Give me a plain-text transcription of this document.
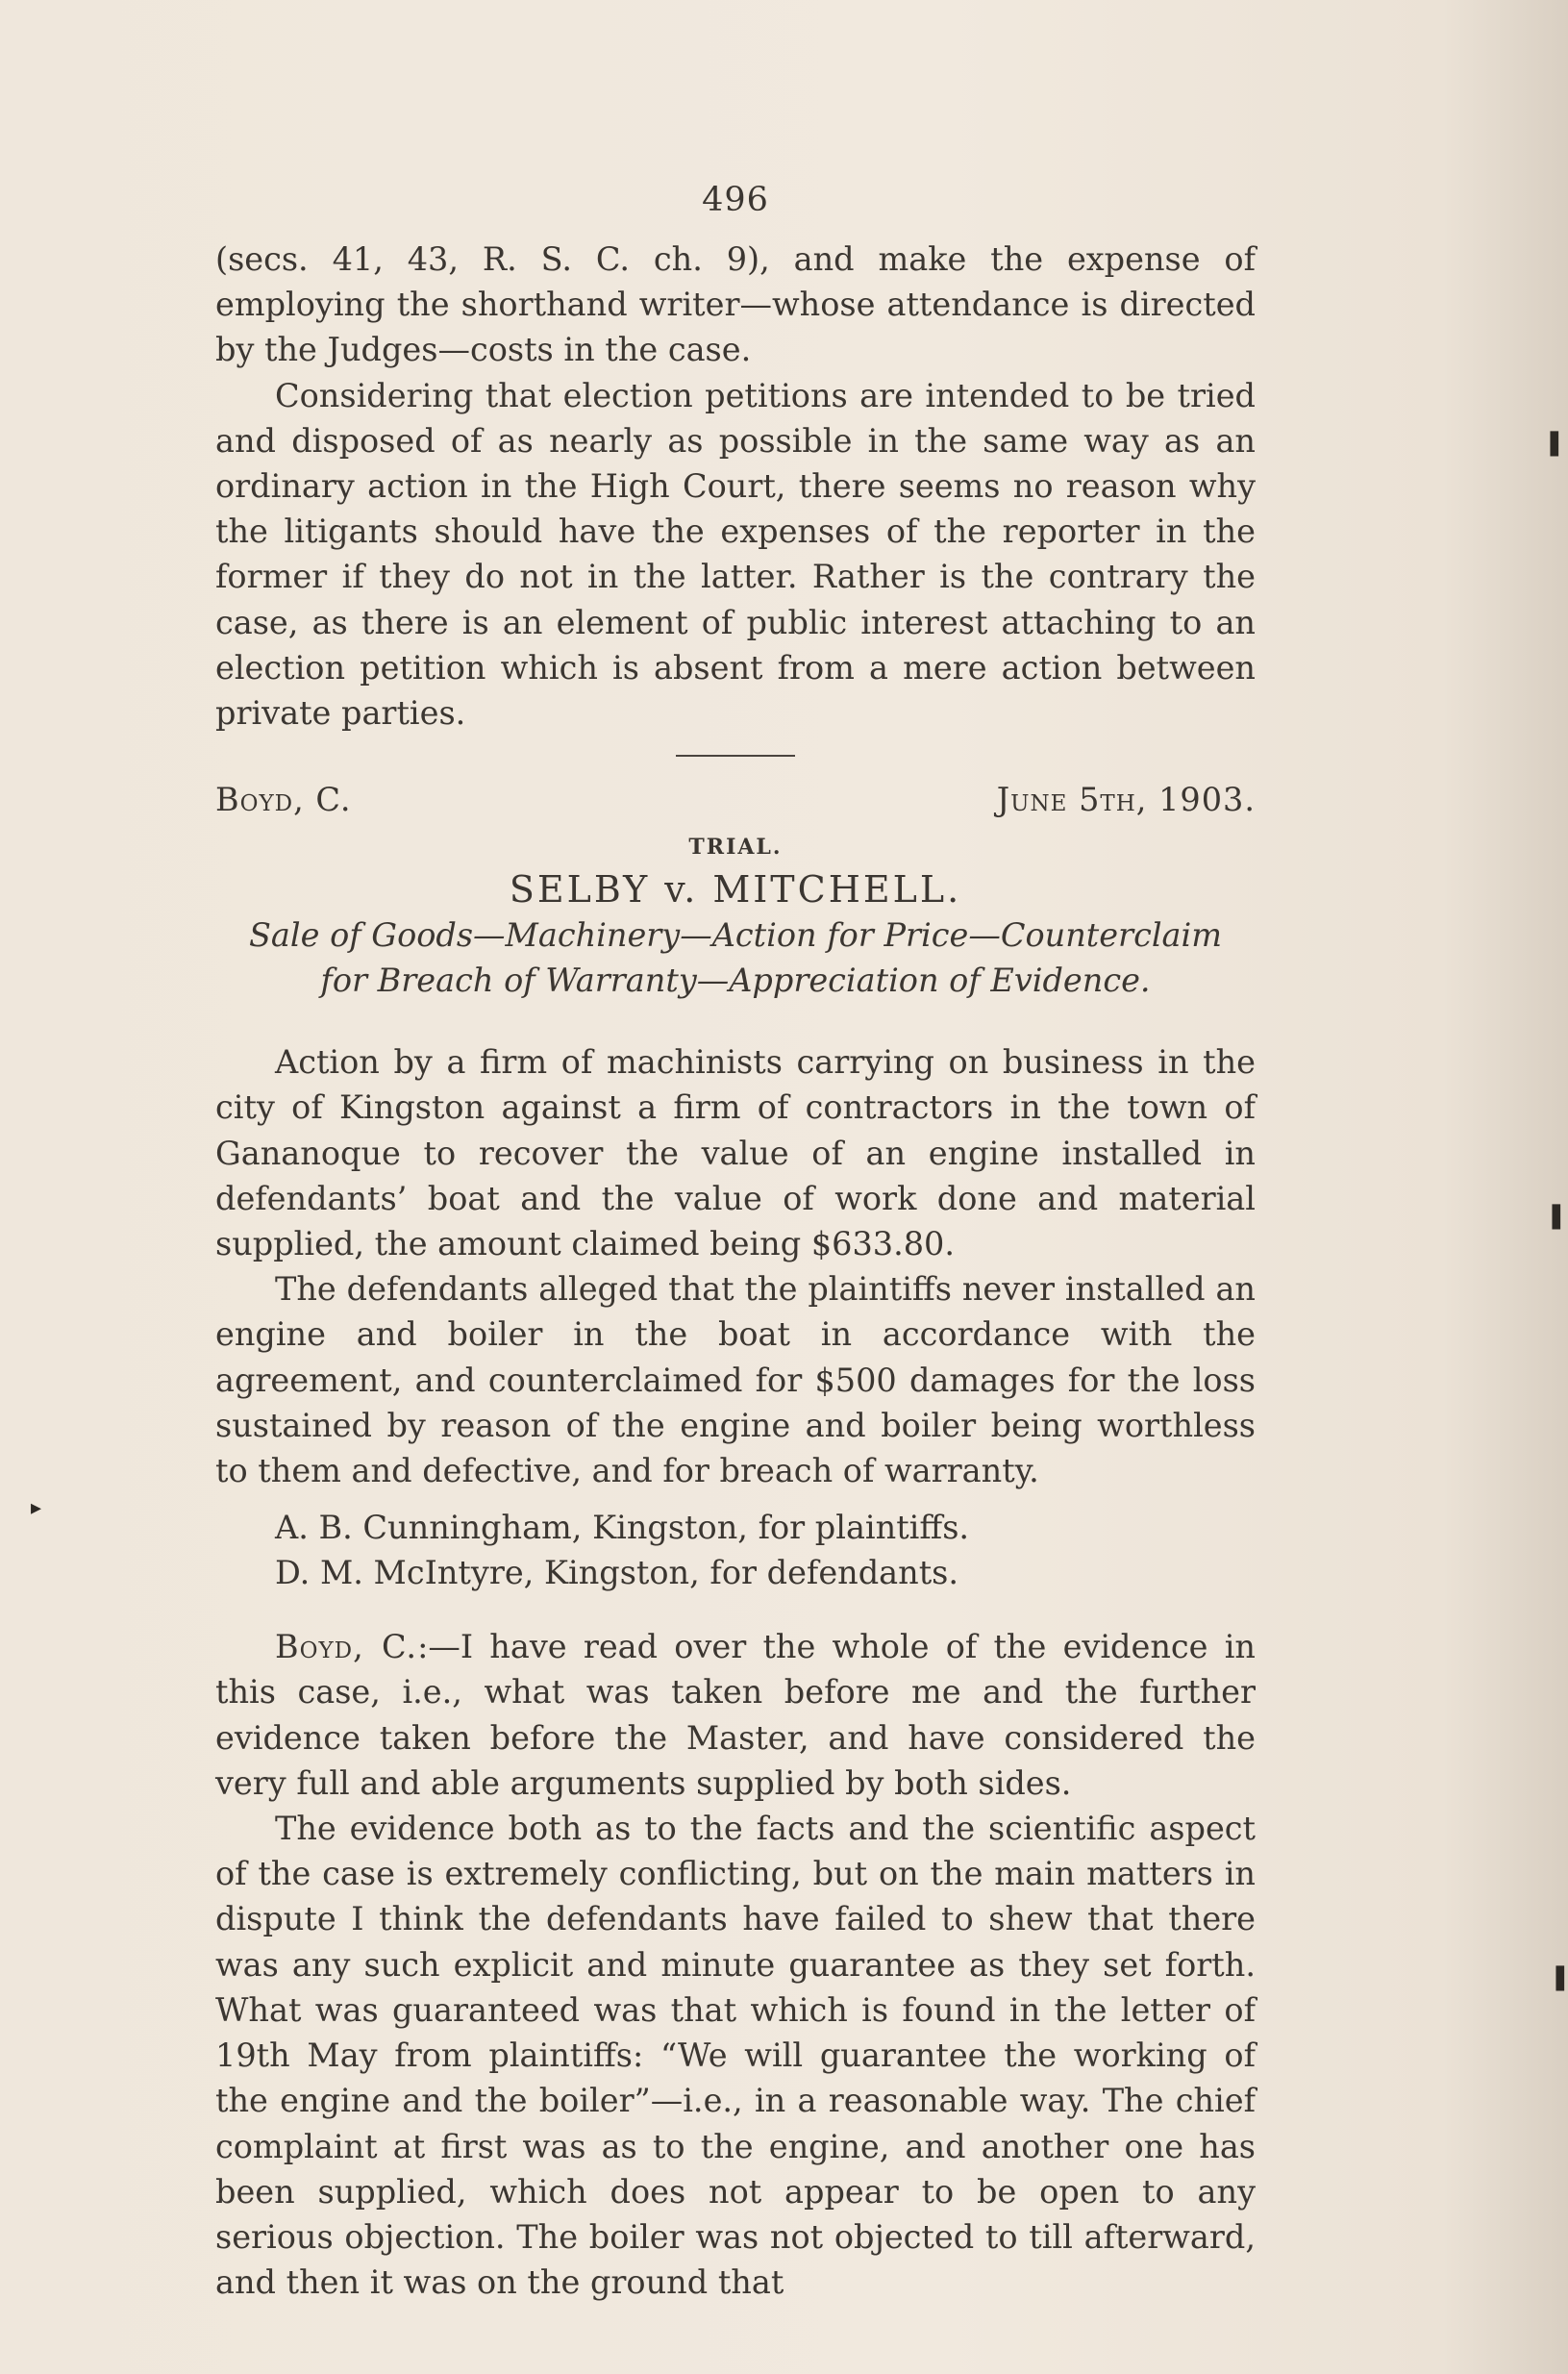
▐
▐
▐
▸
496

(secs. 41, 43, R. S. C. ch. 9), and make the expense of employing the shorthand writer—whose attendance is directed by the Judges—costs in the case.

Considering that election petitions are intended to be tried and disposed of as nearly as possible in the same way as an ordinary action in the High Court, there seems no reason why the litigants should have the expenses of the reporter in the former if they do not in the latter. Rather is the contrary the case, as there is an element of public interest attaching to an election petition which is absent from a mere action between private parties.

Boyd, C.	June 5th, 1903.
TRIAL.
SELBY v. MITCHELL.
Sale of Goods—Machinery—Action for Price—Counterclaim
for Breach of Warranty—Appreciation of Evidence.

Action by a firm of machinists carrying on business in the city of Kingston against a firm of contractors in the town of Gananoque to recover the value of an engine installed in defendants’ boat and the value of work done and material supplied, the amount claimed being $633.80.

The defendants alleged that the plaintiffs never installed an engine and boiler in the boat in accordance with the agreement, and counterclaimed for $500 damages for the loss sustained by reason of the engine and boiler being worthless to them and defective, and for breach of warranty.

A. B. Cunningham, Kingston, for plaintiffs.
D. M. McIntyre, Kingston, for defendants.

Boyd, C.:—I have read over the whole of the evidence in this case, i.e., what was taken before me and the further evidence taken before the Master, and have considered the very full and able arguments supplied by both sides.

The evidence both as to the facts and the scientific aspect of the case is extremely conflicting, but on the main matters in dispute I think the defendants have failed to shew that there was any such explicit and minute guarantee as they set forth. What was guaranteed was that which is found in the letter of 19th May from plaintiffs: “We will guarantee the working of the engine and the boiler”—i.e., in a reasonable way. The chief complaint at first was as to the engine, and another one has been supplied, which does not appear to be open to any serious objection. The boiler was not objected to till afterward, and then it was on the ground that
